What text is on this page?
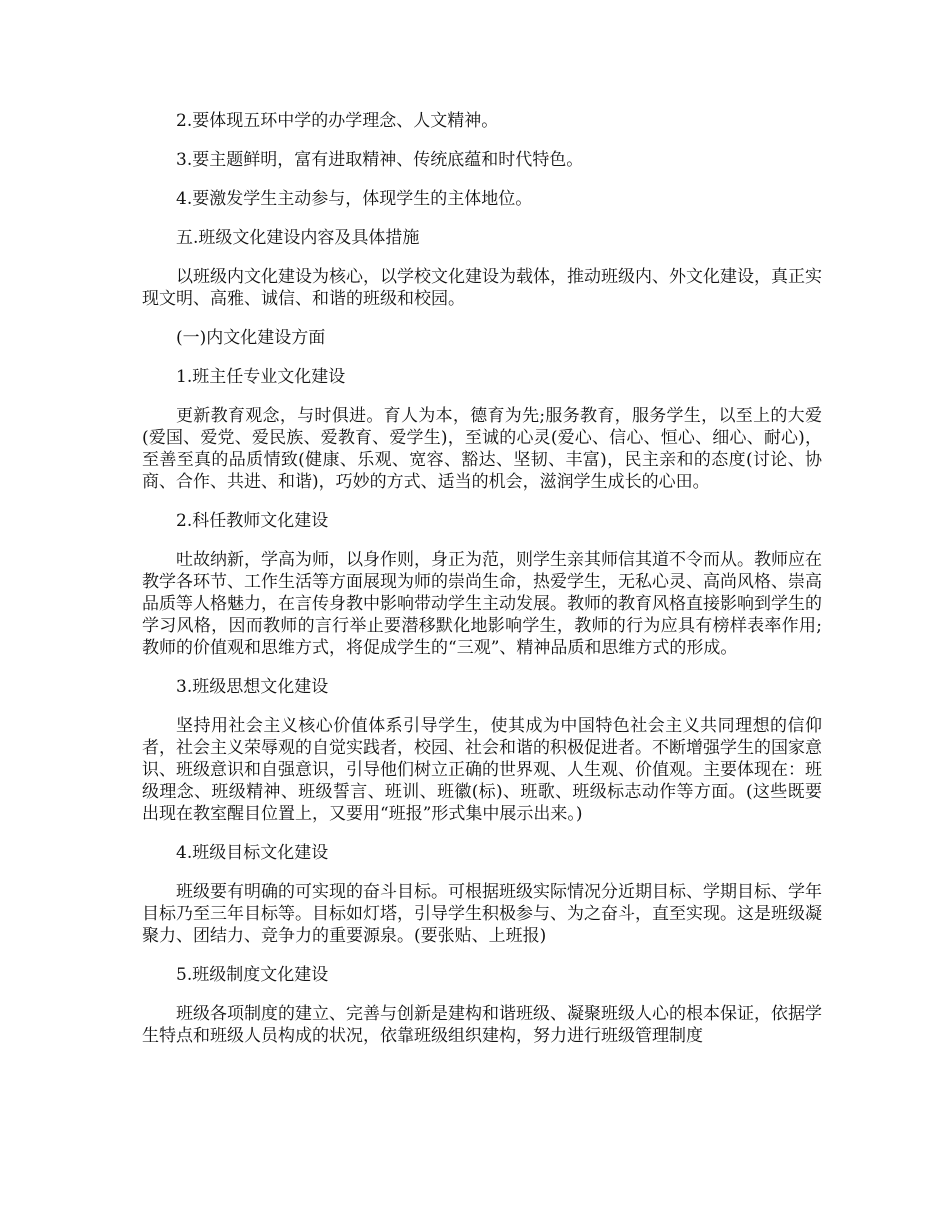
2.要体现五环中学的办学理念、人文精神。

3.要主题鲜明，富有进取精神、传统底蕴和时代特色。

4.要激发学生主动参与，体现学生的主体地位。

五.班级文化建设内容及具体措施

以班级内文化建设为核心，以学校文化建设为载体，推动班级内、外文化建设，真正实现文明、高雅、诚信、和谐的班级和校园。

(一)内文化建设方面

1.班主任专业文化建设

更新教育观念，与时俱进。育人为本，德育为先;服务教育，服务学生，以至上的大爱(爱国、爱党、爱民族、爱教育、爱学生)，至诚的心灵(爱心、信心、恒心、细心、耐心)，至善至真的品质情致(健康、乐观、宽容、豁达、坚韧、丰富)，民主亲和的态度(讨论、协商、合作、共进、和谐)，巧妙的方式、适当的机会，滋润学生成长的心田。

2.科任教师文化建设

吐故纳新，学高为师，以身作则，身正为范，则学生亲其师信其道不令而从。教师应在教学各环节、工作生活等方面展现为师的崇尚生命，热爱学生，无私心灵、高尚风格、崇高品质等人格魅力，在言传身教中影响带动学生主动发展。教师的教育风格直接影响到学生的学习风格，因而教师的言行举止要潜移默化地影响学生，教师的行为应具有榜样表率作用;教师的价值观和思维方式，将促成学生的“三观”、精神品质和思维方式的形成。

3.班级思想文化建设

坚持用社会主义核心价值体系引导学生，使其成为中国特色社会主义共同理想的信仰者，社会主义荣辱观的自觉实践者，校园、社会和谐的积极促进者。不断增强学生的国家意识、班级意识和自强意识，引导他们树立正确的世界观、人生观、价值观。主要体现在：班级理念、班级精神、班级誓言、班训、班徽(标)、班歌、班级标志动作等方面。(这些既要出现在教室醒目位置上，又要用“班报”形式集中展示出来。)

4.班级目标文化建设

班级要有明确的可实现的奋斗目标。可根据班级实际情况分近期目标、学期目标、学年目标乃至三年目标等。目标如灯塔，引导学生积极参与、为之奋斗，直至实现。这是班级凝聚力、团结力、竞争力的重要源泉。(要张贴、上班报)

5.班级制度文化建设

班级各项制度的建立、完善与创新是建构和谐班级、凝聚班级人心的根本保证，依据学生特点和班级人员构成的状况，依靠班级组织建构，努力进行班级管理制度
